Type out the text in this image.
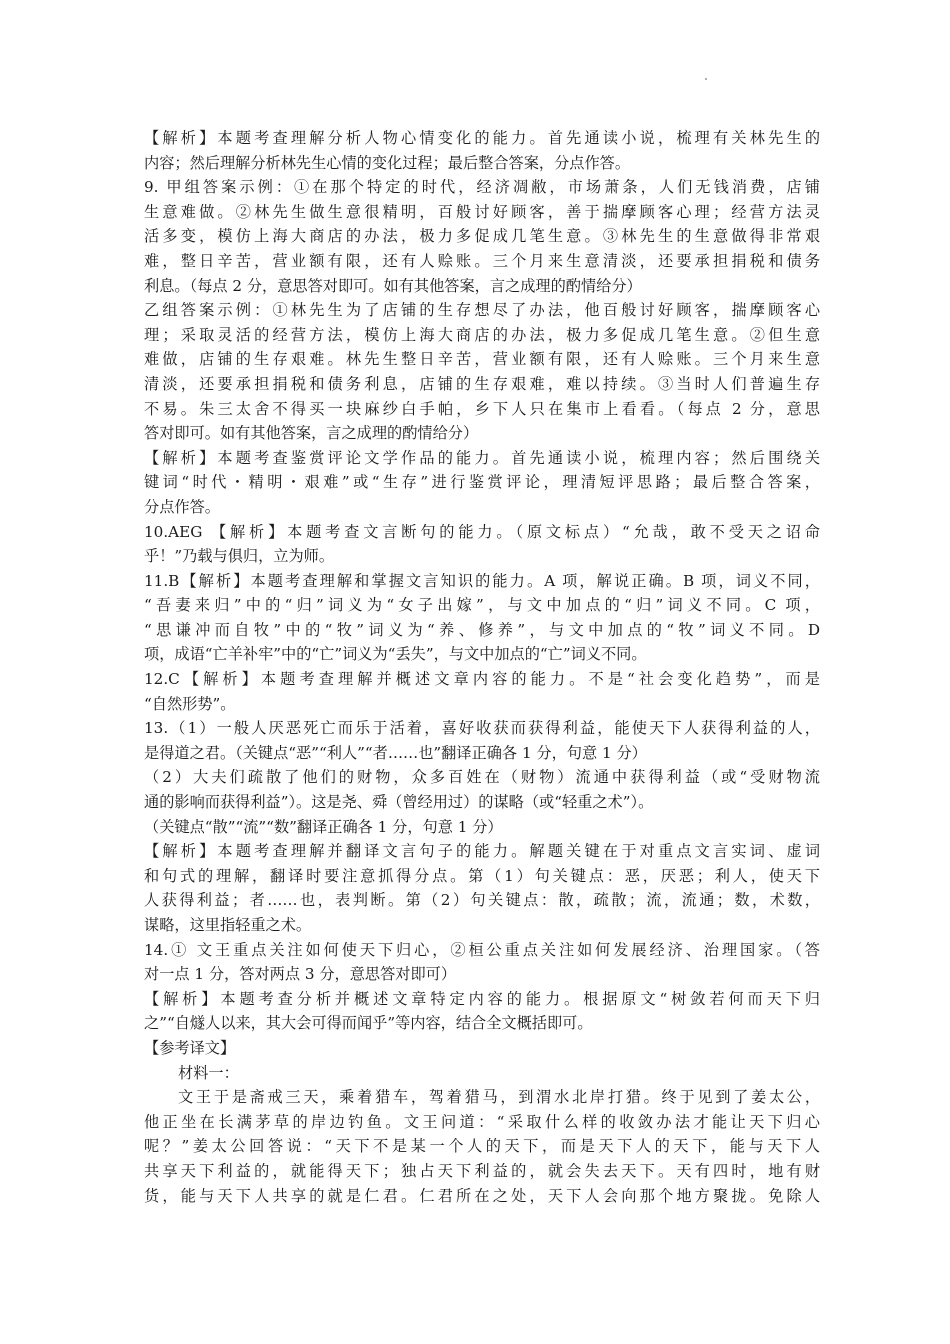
【解析】本题考查理解分析人物心情变化的能力。首先通读小说，梳理有关林先生的
内容；然后理解分析林先生心情的变化过程；最后整合答案，分点作答。
9. 甲组答案示例：①在那个特定的时代，经济凋敝，市场萧条，人们无钱消费，店铺
生意难做。②林先生做生意很精明，百般讨好顾客，善于揣摩顾客心理；经营方法灵
活多变，模仿上海大商店的办法，极力多促成几笔生意。③林先生的生意做得非常艰
难，整日辛苦，营业额有限，还有人赊账。三个月来生意清淡，还要承担捐税和债务
利息。（每点 2 分，意思答对即可。如有其他答案，言之成理的酌情给分）
乙组答案示例：①林先生为了店铺的生存想尽了办法，他百般讨好顾客，揣摩顾客心
理；采取灵活的经营方法，模仿上海大商店的办法，极力多促成几笔生意。②但生意
难做，店铺的生存艰难。林先生整日辛苦，营业额有限，还有人赊账。三个月来生意
清淡，还要承担捐税和债务利息，店铺的生存艰难，难以持续。③当时人们普遍生存
不易。朱三太舍不得买一块麻纱白手帕，乡下人只在集市上看看。（每点 2 分，意思
答对即可。如有其他答案，言之成理的酌情给分）
【解析】本题考查鉴赏评论文学作品的能力。首先通读小说，梳理内容；然后围绕关
键词“时代・精明・艰难”或“生存”进行鉴赏评论，理清短评思路；最后整合答案，
分点作答。
10.AEG 【解析】本题考查文言断句的能力。（原文标点）“允哉，敢不受天之诏命
乎！”乃载与俱归，立为师。
11.B【解析】本题考查理解和掌握文言知识的能力。A 项，解说正确。B 项，词义不同，
“吾妻来归”中的“归”词义为“女子出嫁”，与文中加点的“归”词义不同。C 项，
“思谦冲而自牧”中的“牧”词义为“养、修养”，与文中加点的“牧”词义不同。D
项，成语“亡羊补牢”中的“亡”词义为“丢失”，与文中加点的“亡”词义不同。
12.C【解析】本题考查理解并概述文章内容的能力。不是“社会变化趋势”，而是
“自然形势”。
13.（1）一般人厌恶死亡而乐于活着，喜好收获而获得利益，能使天下人获得利益的人，
是得道之君。（关键点“恶”“利人”“者……也”翻译正确各 1 分，句意 1 分）
（2）大夫们疏散了他们的财物，众多百姓在（财物）流通中获得利益（或“受财物流
通的影响而获得利益”）。这是尧、舜（曾经用过）的谋略（或“轻重之术”）。
（关键点“散”“流”“数”翻译正确各 1 分，句意 1 分）
【解析】本题考查理解并翻译文言句子的能力。解题关键在于对重点文言实词、虚词
和句式的理解，翻译时要注意抓得分点。第（1）句关键点：恶，厌恶；利人，使天下
人获得利益；者……也，表判断。第（2）句关键点：散，疏散；流，流通；数，术数，
谋略，这里指轻重之术。
14.① 文王重点关注如何使天下归心，②桓公重点关注如何发展经济、治理国家。（答
对一点 1 分，答对两点 3 分，意思答对即可）
【解析】本题考查分析并概述文章特定内容的能力。根据原文“树敛若何而天下归
之”“自燧人以来，其大会可得而闻乎”等内容，结合全文概括即可。
【参考译文】
材料一：
文王于是斋戒三天，乘着猎车，驾着猎马，到渭水北岸打猎。终于见到了姜太公，
他正坐在长满茅草的岸边钓鱼。文王问道：“采取什么样的收敛办法才能让天下归心
呢？”姜太公回答说：“天下不是某一个人的天下，而是天下人的天下，能与天下人
共享天下利益的，就能得天下；独占天下利益的，就会失去天下。天有四时，地有财
货，能与天下人共享的就是仁君。仁君所在之处，天下人会向那个地方聚拢。免除人
